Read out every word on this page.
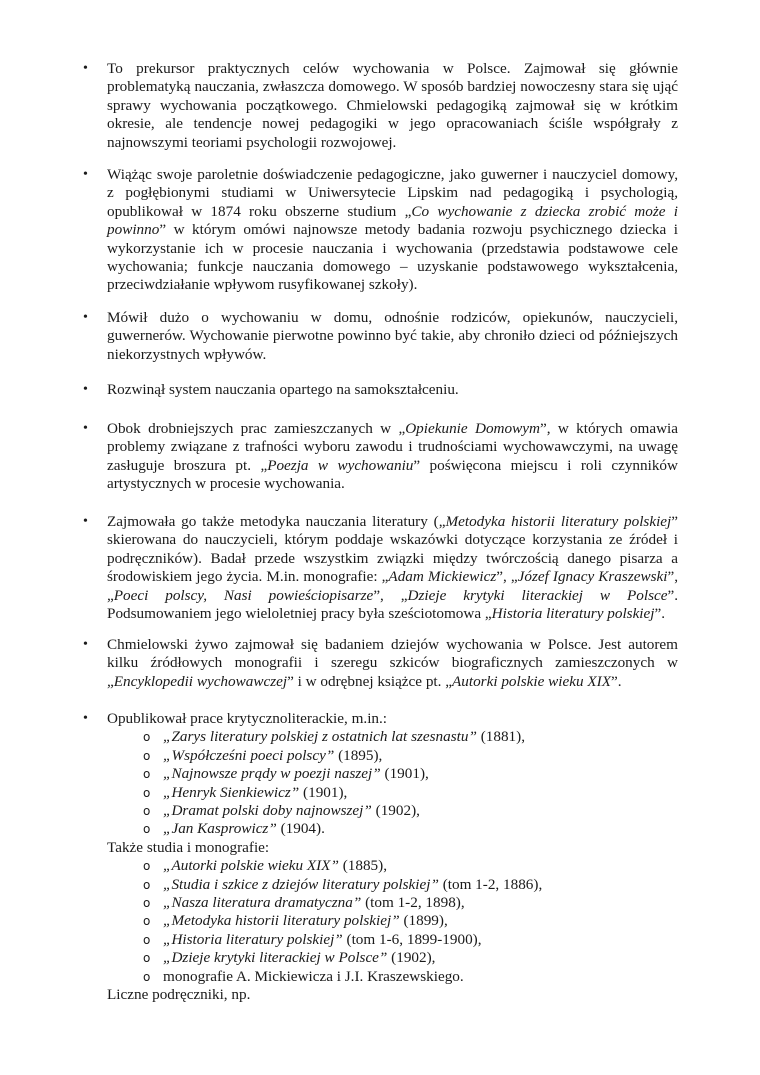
• To prekursor praktycznych celów wychowania w Polsce. Zajmował się głównie problematyką nauczania, zwłaszcza domowego. W sposób bardziej nowoczesny stara się ująć sprawy wychowania początkowego. Chmielowski pedagogiką zajmował się w krótkim okresie, ale tendencje nowej pedagogiki w jego opracowaniach ściśle współgrały z najnowszymi teoriami psychologii rozwojowej.

• Wiążąc swoje paroletnie doświadczenie pedagogiczne, jako guwerner i nauczyciel domowy, z pogłębionymi studiami w Uniwersytecie Lipskim nad pedagogiką i psychologią, opublikował w 1874 roku obszerne studium „Co wychowanie z dziecka zrobić może i powinno” w którym omówi najnowsze metody badania rozwoju psychicznego dziecka i wykorzystanie ich w procesie nauczania i wychowania (przedstawia podstawowe cele wychowania; funkcje nauczania domowego – uzyskanie podstawowego wykształcenia, przeciwdziałanie wpływom rusyfikowanej szkoły).

• Mówił dużo o wychowaniu w domu, odnośnie rodziców, opiekunów, nauczycieli, guwernerów. Wychowanie pierwotne powinno być takie, aby chroniło dzieci od późniejszych niekorzystnych wpływów.

• Rozwinął system nauczania opartego na samokształceniu.

• Obok drobniejszych prac zamieszczanych w „Opiekunie Domowym”, w których omawia problemy związane z trafności wyboru zawodu i trudnościami wychowawczymi, na uwagę zasługuje broszura pt. „Poezja w wychowaniu” poświęcona miejscu i roli czynników artystycznych w procesie wychowania.

• Zajmowała go także metodyka nauczania literatury („Metodyka historii literatury polskiej” skierowana do nauczycieli, którym poddaje wskazówki dotyczące korzystania ze źródeł i podręczników). Badał przede wszystkim związki między twórczością danego pisarza a środowiskiem jego życia. M.in. monografie: „Adam Mickiewicz”, „Józef Ignacy Kraszewski”, „Poeci polscy, Nasi powieściopisarze”, „Dzieje krytyki literackiej w Polsce”. Podsumowaniem jego wieloletniej pracy była sześciotomowa „Historia literatury polskiej”.

• Chmielowski żywo zajmował się badaniem dziejów wychowania w Polsce. Jest autorem kilku źródłowych monografii i szeregu szkiców biograficznych zamieszczonych w „Encyklopedii wychowawczej” i w odrębnej książce pt. „Autorki polskie wieku XIX”.

• Opublikował prace krytycznoliterackie, m.in.:

o „Zarys literatury polskiej z ostatnich lat szesnastu” (1881),
o „Współcześni poeci polscy” (1895),
o „Najnowsze prądy w poezji naszej” (1901),
o „Henryk Sienkiewicz” (1901),
o „Dramat polski doby najnowszej” (1902),
o „Jan Kasprowicz” (1904).

Także studia i monografie:

o „Autorki polskie wieku XIX” (1885),
o „Studia i szkice z dziejów literatury polskiej” (tom 1-2, 1886),
o „Nasza literatura dramatyczna” (tom 1-2, 1898),
o „Metodyka historii literatury polskiej” (1899),
o „Historia literatury polskiej” (tom 1-6, 1899-1900),
o „Dzieje krytyki literackiej w Polsce” (1902),
o monografie A. Mickiewicza i J.I. Kraszewskiego.

Liczne podręczniki, np.
